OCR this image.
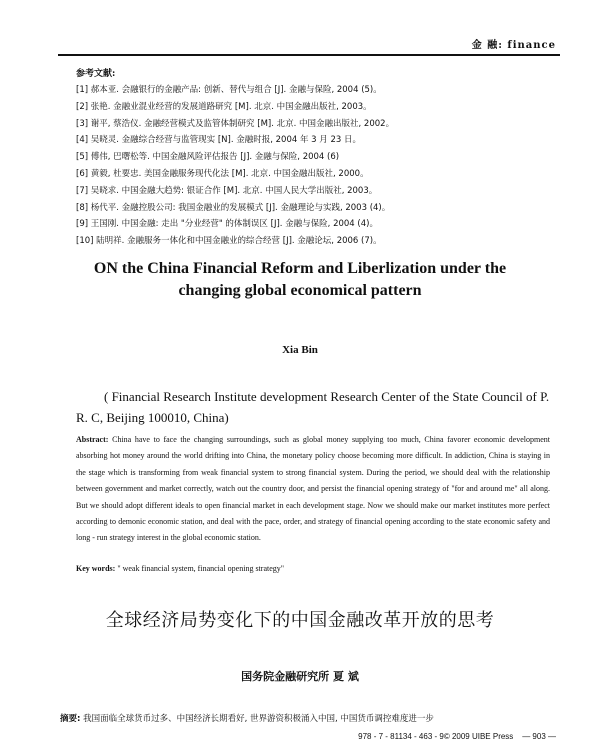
金 融: finance
参考文献:
[1] 郝本亚. 会融银行的金融产品: 创新、替代与组合 [J]. 金融与保险, 2004 (5)。
[2] 张艳. 金融业混业经营的发展道路研究 [M]. 北京. 中国金融出版社, 2003。
[3] 谢平, 蔡浩仪. 金融经营模式及监管体制研究 [M]. 北京. 中国金融出版社, 2002。
[4] 吴晓灵. 金融综合经营与监管现实 [N]. 金融时报, 2004 年 3 月 23 日。
[5] 傅伟, 巴曙松等. 中国金融风险评估报告 [J]. 金融与保险, 2004 (6)
[6] 黄毅, 杜要忠. 美国金融服务现代化法 [M]. 北京. 中国金融出版社, 2000。
[7] 吴晓求. 中国金融大趋势: 银证合作 [M]. 北京. 中国人民大学出版社, 2003。
[8] 杨代平. 金融控股公司: 我国金融业的发展模式 [J]. 金融理论与实践, 2003 (4)。
[9] 王国刚. 中国金融: 走出 "分业经营" 的体制误区 [J]. 金融与保险, 2004 (4)。
[10] 陆明祥. 金融服务一体化和中国金融业的综合经营 [J]. 金融论坛, 2006 (7)。
ON the China Financial Reform and Liberlization under the
changing global economical pattern
Xia Bin
( Financial Research Institute development Research Center of the State Council of P. R. C, Beijing 100010, China)
Abstract: China have to face the changing surroundings, such as global money supplying too much, China favorer economic development absorbing hot money around the world drifting into China, the monetary policy choose becoming more difficult. In addiction, China is staying in the stage which is transforming from weak financial system to strong financial system. During the period, we should deal with the relationship between government and market correctly, watch out the country door, and persist the financial opening strategy of "for and around me" all along. But we should adopt different ideals to open financial market in each development stage. Now we should make our market institutes more perfect according to demonic economic station, and deal with the pace, order, and strategy of financial opening according to the state economic safety and long - run strategy interest in the global economic station.
Key words: " weak financial system, financial opening strategy"
全球经济局势变化下的中国金融改革开放的思考
国务院金融研究所 夏 斌
摘要: 我国面临全球货币过多、中国经济长期看好, 世界游资积极涌入中国, 中国货币调控难度进一步
978 - 7 - 81134 - 463 - 9© 2009 UIBE Press — 903 —
